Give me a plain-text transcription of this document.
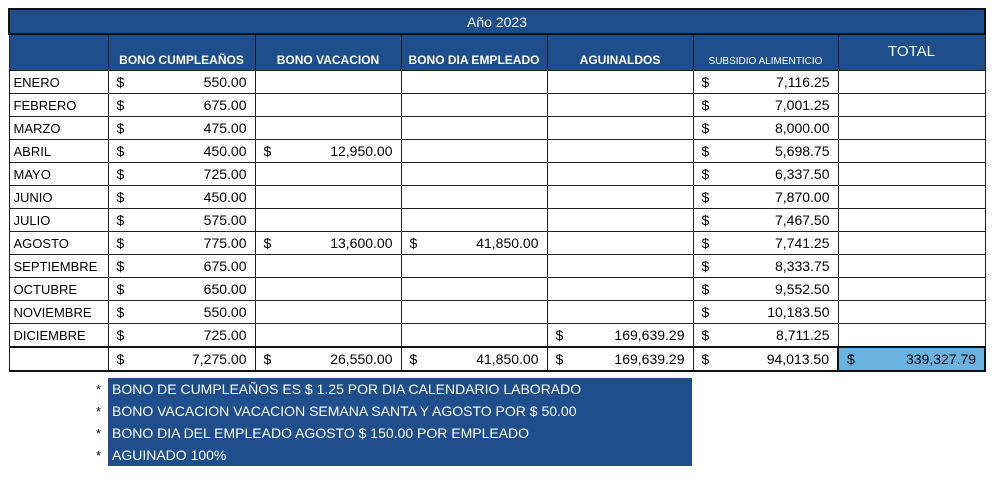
Año 2023						
	BONO CUMPLEAÑOS	BONO VACACION	BONO DIA EMPLEADO	AGUINALDOS	SUBSIDIO ALIMENTICIO	TOTAL
ENERO	$ 550.00				$ 7,116.25	

FEBRERO	$ 675.00				$ 7,001.25	

MARZO	$ 475.00				$ 8,000.00	

ABRIL	$ 450.00	$ 12,950.00			$ 5,698.75	

MAYO	$ 725.00				$ 6,337.50	

JUNIO	$ 450.00				$ 7,870.00	

JULIO	$ 575.00				$ 7,467.50	

AGOSTO	$ 775.00	$ 13,600.00	$ 41,850.00		$ 7,741.25	

SEPTIEMBRE	$ 675.00				$ 8,333.75	

OCTUBRE	$ 650.00				$ 9,552.50	

NOVIEMBRE	$ 550.00				$ 10,183.50	

DICIEMBRE	$ 725.00			$ 169,639.29	$ 8,711.25	

	$ 7,275.00	$ 26,550.00	$ 41,850.00	$ 169,639.29	$ 94,013.50	$ 339,327.79
* BONO DE CUMPLEAÑOS ES $ 1.25 POR DIA CALENDARIO LABORADO
* BONO VACACION VACACION SEMANA SANTA Y AGOSTO POR $ 50.00
* BONO DIA DEL EMPLEADO AGOSTO $ 150.00 POR EMPLEADO
* AGUINADO 100%
